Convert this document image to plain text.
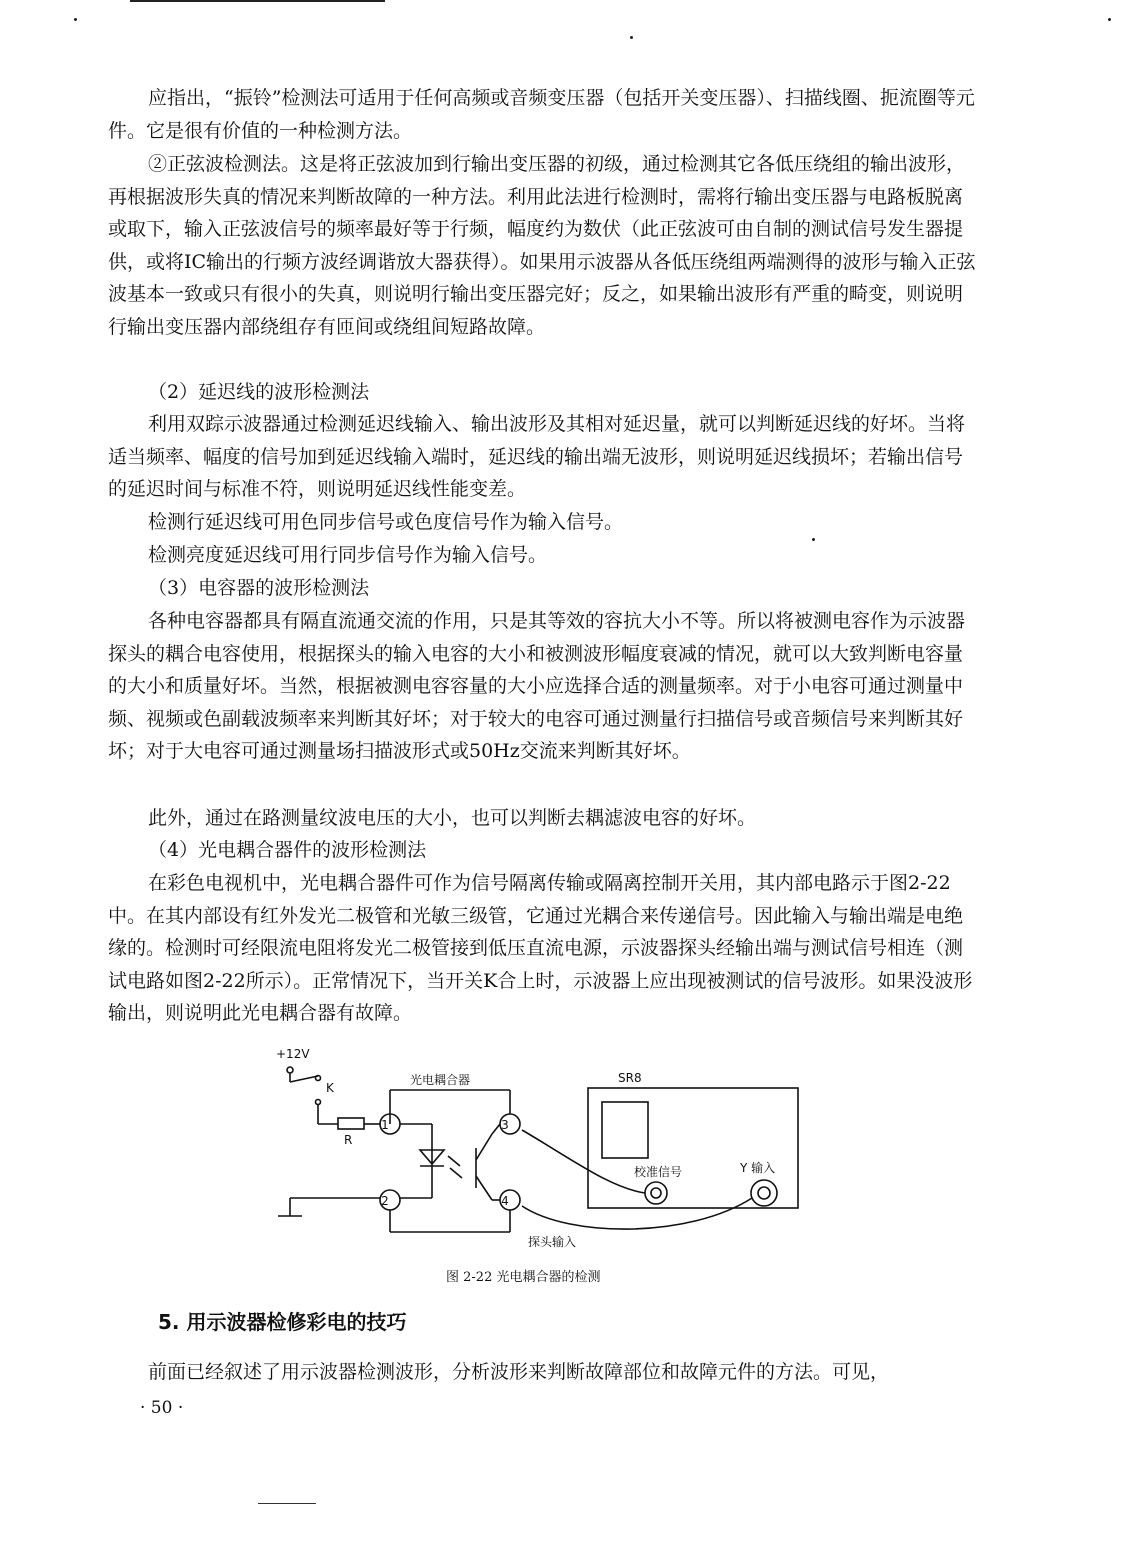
应指出，“振铃”检测法可适用于任何高频或音频变压器（包括开关变压器）、扫描线圈、扼流圈等元件。它是很有价值的一种检测方法。

②正弦波检测法。这是将正弦波加到行输出变压器的初级，通过检测其它各低压绕组的输出波形，再根据波形失真的情况来判断故障的一种方法。利用此法进行检测时，需将行输出变压器与电路板脱离或取下，输入正弦波信号的频率最好等于行频，幅度约为数伏（此正弦波可由自制的测试信号发生器提供，或将IC输出的行频方波经调谐放大器获得）。如果用示波器从各低压绕组两端测得的波形与输入正弦波基本一致或只有很小的失真，则说明行输出变压器完好；反之，如果输出波形有严重的畸变，则说明行输出变压器内部绕组存有匝间或绕组间短路故障。

（2）延迟线的波形检测法

利用双踪示波器通过检测延迟线输入、输出波形及其相对延迟量，就可以判断延迟线的好坏。当将适当频率、幅度的信号加到延迟线输入端时，延迟线的输出端无波形，则说明延迟线损坏；若输出信号的延迟时间与标准不符，则说明延迟线性能变差。

检测行延迟线可用色同步信号或色度信号作为输入信号。

检测亮度延迟线可用行同步信号作为输入信号。

（3）电容器的波形检测法

各种电容器都具有隔直流通交流的作用，只是其等效的容抗大小不等。所以将被测电容作为示波器探头的耦合电容使用，根据探头的输入电容的大小和被测波形幅度衰减的情况，就可以大致判断电容量的大小和质量好坏。当然，根据被测电容容量的大小应选择合适的测量频率。对于小电容可通过测量中频、视频或色副载波频率来判断其好坏；对于较大的电容可通过测量行扫描信号或音频信号来判断其好坏；对于大电容可通过测量场扫描波形式或50Hz交流来判断其好坏。

此外，通过在路测量纹波电压的大小，也可以判断去耦滤波电容的好坏。

（4）光电耦合器件的波形检测法

在彩色电视机中，光电耦合器件可作为信号隔离传输或隔离控制开关用，其内部电路示于图2-22中。在其内部设有红外发光二极管和光敏三级管，它通过光耦合来传递信号。因此输入与输出端是电绝缘的。检测时可经限流电阻将发光二极管接到低压直流电源，示波器探头经输出端与测试信号相连（测试电路如图2-22所示）。正常情况下，当开关K合上时，示波器上应出现被测试的信号波形。如果没波形输出，则说明此光电耦合器有故障。

+12V
K
R
光电耦合器
1
2
3
4
SR8
校准信号	Y 输入
探头输入
图 2-22 光电耦合器的检测
5. 用示波器检修彩电的技巧

前面已经叙述了用示波器检测波形，分析波形来判断故障部位和故障元件的方法。可见，

· 50 ·
